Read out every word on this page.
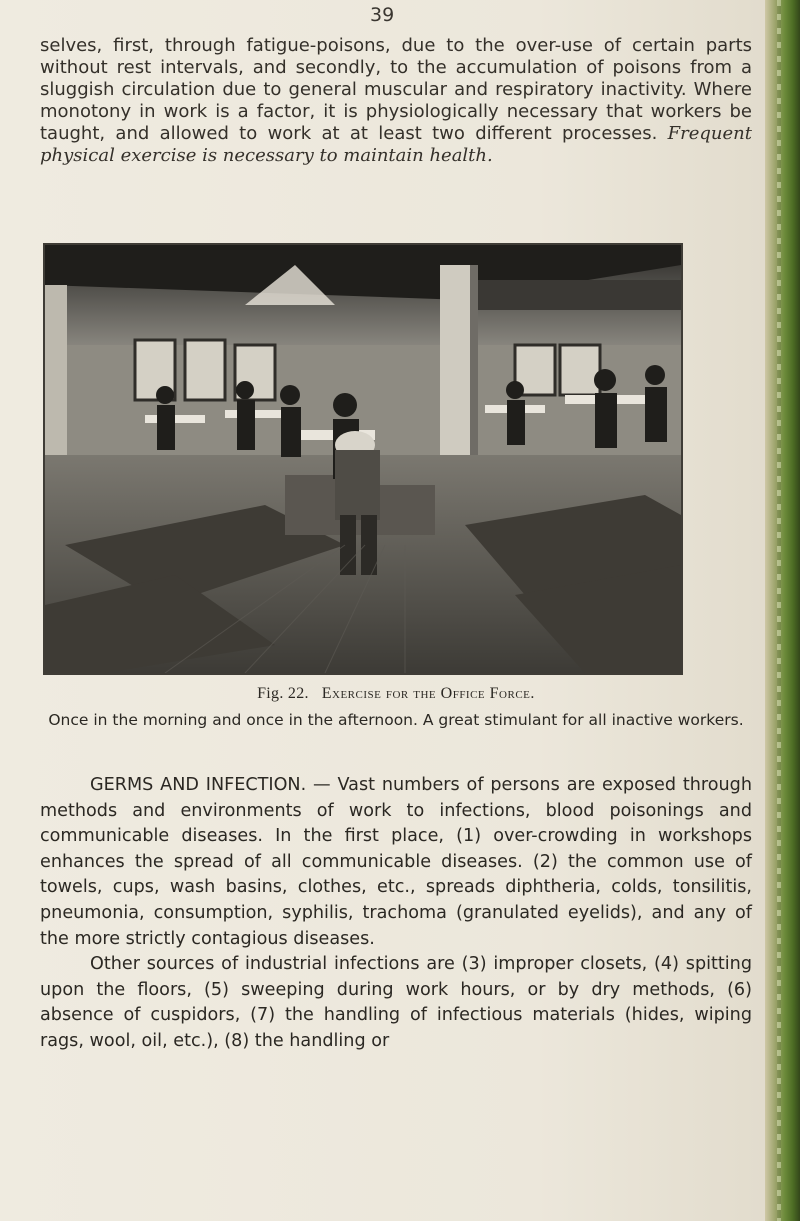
39
selves, first, through fatigue-poisons, due to the over-use of certain parts without rest intervals, and secondly, to the accumulation of poisons from a sluggish circulation due to general muscular and respiratory inactivity. Where monotony in work is a factor, it is physiologically necessary that workers be taught, and allowed to work at at least two different processes. Frequent physical exercise is necessary to maintain health.
Fig. 22. Exercise for the Office Force.
Once in the morning and once in the afternoon. A great stimulant for all inactive workers.

GERMS AND INFECTION. — Vast numbers of persons are exposed through methods and environments of work to infections, blood poisonings and communicable diseases. In the first place, (1) over-crowding in workshops enhances the spread of all communicable diseases. (2) the common use of towels, cups, wash basins, clothes, etc., spreads diphtheria, colds, tonsilitis, pneumonia, consumption, syphilis, trachoma (granulated eyelids), and any of the more strictly contagious diseases.

Other sources of industrial infections are (3) improper closets, (4) spitting upon the floors, (5) sweeping during work hours, or by dry methods, (6) absence of cuspidors, (7) the handling of infectious materials (hides, wiping rags, wool, oil, etc.), (8) the handling or
